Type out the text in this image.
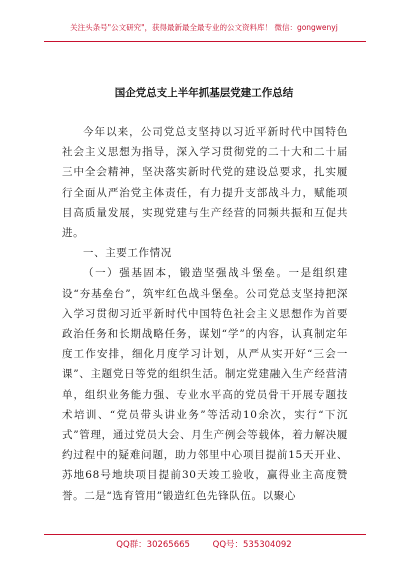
关注头条号"公文研究"，获得最新最全最专业的公文资料库！ 微信：gongwenyj
国企党总支上半年抓基层党建工作总结

今年以来，公司党总支坚持以习近平新时代中国特色社会主义思想为指导，深入学习贯彻党的二十大和二十届三中全会精神，坚决落实新时代党的建设总要求，扎实履行全面从严治党主体责任，有力提升支部战斗力，赋能项目高质量发展，实现党建与生产经营的同频共振和互促共进。

一、主要工作情况

（一）强基固本，锻造坚强战斗堡垒。一是组织建设“夯基垒台”，筑牢红色战斗堡垒。公司党总支坚持把深入学习贯彻习近平新时代中国特色社会主义思想作为首要政治任务和长期战略任务，谋划“学”的内容，认真制定年度工作安排，细化月度学习计划，从严从实开好“三会一课”、主题党日等党的组织生活。制定党建融入生产经营清单，组织业务能力强、专业水平高的党员骨干开展专题技术培训、“党员带头讲业务”等活动10余次，实行“下沉式”管理，通过党员大会、月生产例会等载体，着力解决履约过程中的疑难问题，助力邻里中心项目提前15天开业、苏地68号地块项目提前30天竣工验收，赢得业主高度赞誉。二是“选育管用”锻造红色先锋队伍。以聚心

QQ群：30265665	QQ号：535304092
